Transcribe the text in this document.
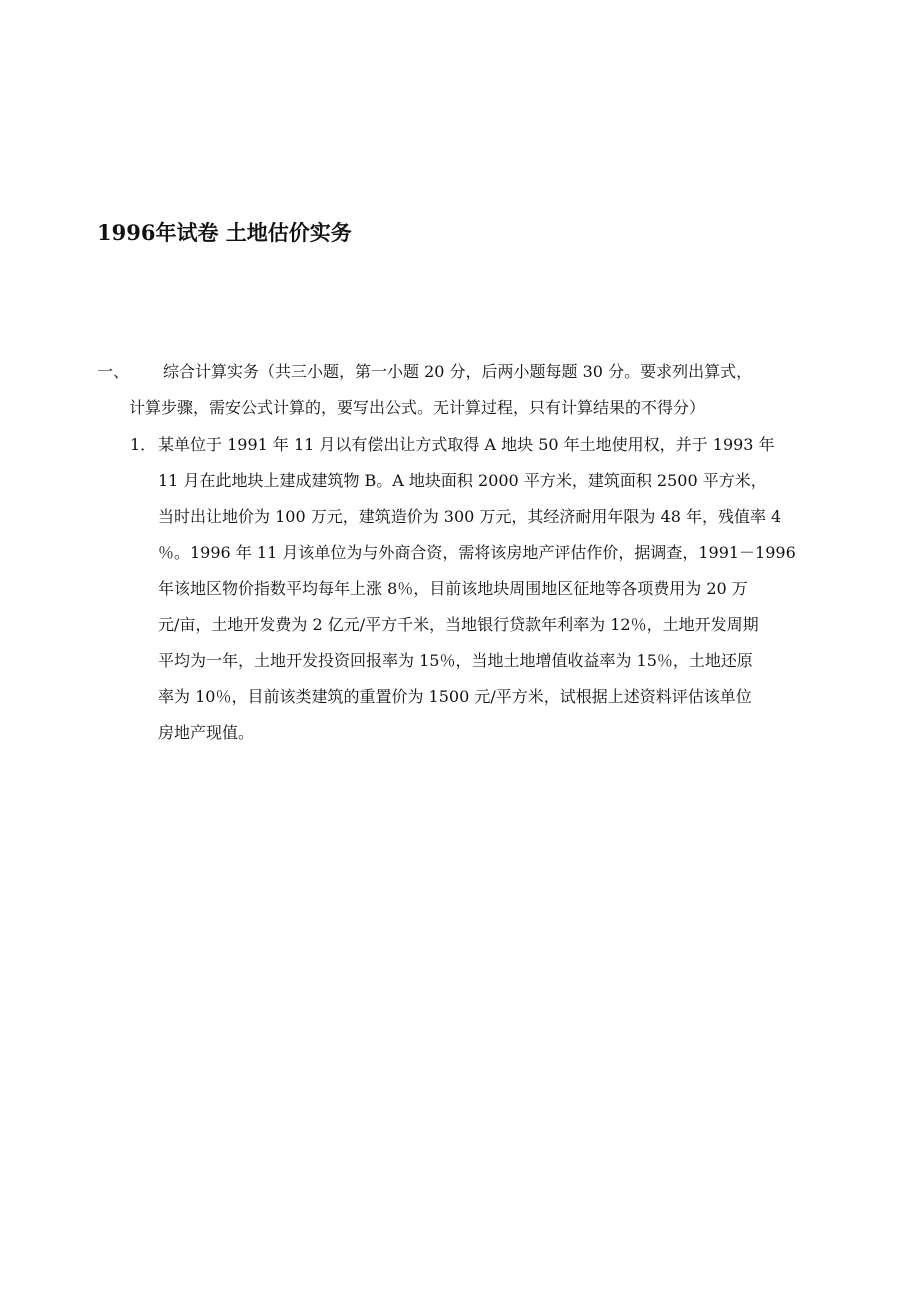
1996年试卷 土地估价实务
一、	综合计算实务（共三小题，第一小题 20 分，后两小题每题 30 分。要求列出算式，
计算步骤，需安公式计算的，要写出公式。无计算过程，只有计算结果的不得分）
1． 某单位于 1991 年 11 月以有偿出让方式取得 A 地块 50 年土地使用权，并于 1993 年
11 月在此地块上建成建筑物 B。A 地块面积 2000 平方米，建筑面积 2500 平方米，
当时出让地价为 100 万元，建筑造价为 300 万元，其经济耐用年限为 48 年，残值率 4
％。1996 年 11 月该单位为与外商合资，需将该房地产评估作价，据调查，1991－1996
年该地区物价指数平均每年上涨 8％，目前该地块周围地区征地等各项费用为 20 万
元/亩，土地开发费为 2 亿元/平方千米，当地银行贷款年利率为 12％，土地开发周期
平均为一年，土地开发投资回报率为 15％，当地土地增值收益率为 15％，土地还原
率为 10％，目前该类建筑的重置价为 1500 元/平方米，试根据上述资料评估该单位
房地产现值。
